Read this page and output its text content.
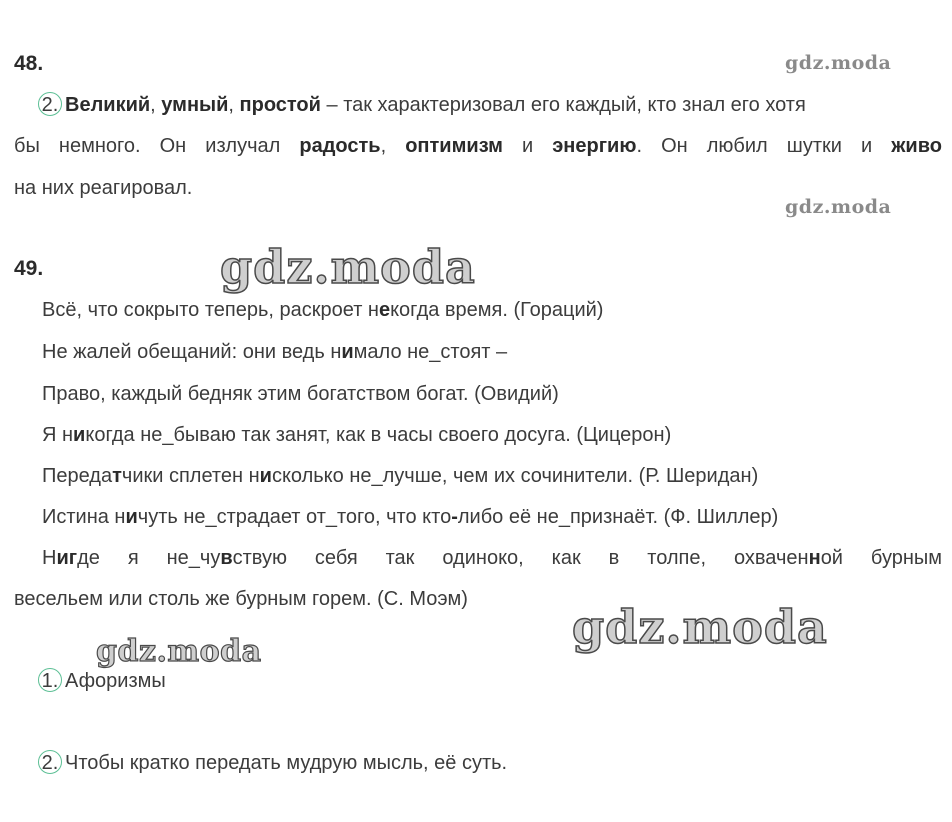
48.	gdz.moda
2. Великий, умный, простой – так характеризовал его каждый, кто знал его хотя
бы немного. Он излучал радость, оптимизм и энергию. Он любил шутки и живо
на них реагировал.
gdz.moda
49.	gdz.moda
Всё, что сокрыто теперь, раскроет некогда время. (Гораций)
Не жалей обещаний: они ведь нимало не_стоят –
Право, каждый бедняк этим богатством богат. (Овидий)
Я никогда не_бываю так занят, как в часы своего досуга. (Цицерон)
Передатчики сплетен нисколько не_лучше, чем их сочинители. (Р. Шеридан)
Истина ничуть не_страдает от_того, что кто-либо её не_признаёт. (Ф. Шиллер)
Нигде я не_чувствую себя так одиноко, как в толпе, охваченной бурным
весельем или столь же бурным горем. (С. Моэм)
gdz.moda
gdz.moda
1. Афоризмы
2. Чтобы кратко передать мудрую мысль, её суть.
